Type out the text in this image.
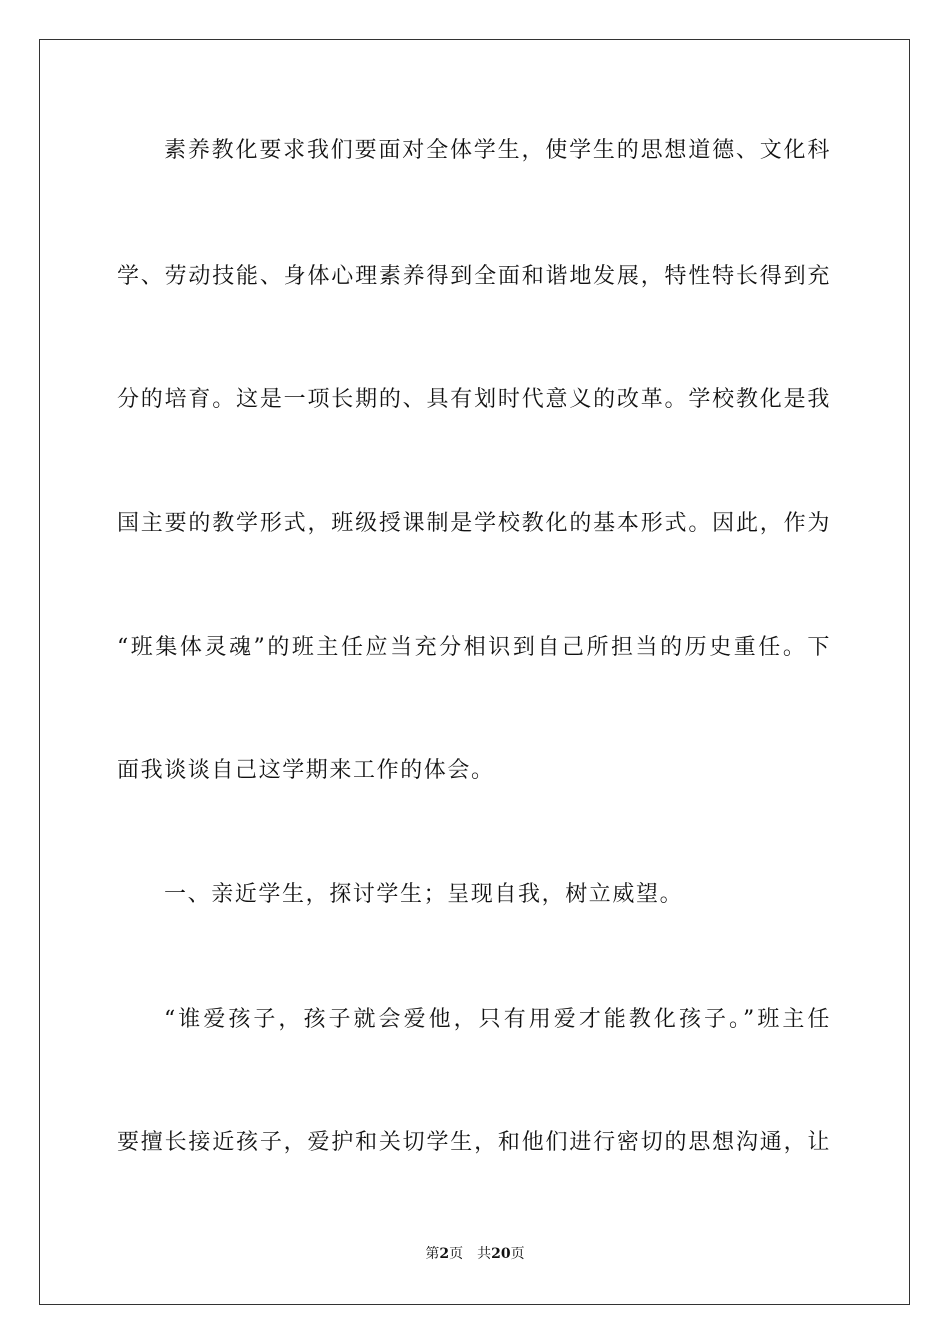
素养教化要求我们要面对全体学生，使学生的思想道德、文化科
学、劳动技能、身体心理素养得到全面和谐地发展，特性特长得到充
分的培育。这是一项长期的、具有划时代意义的改革。学校教化是我
国主要的教学形式，班级授课制是学校教化的基本形式。因此，作为
“班集体灵魂”的班主任应当充分相识到自己所担当的历史重任。下
面我谈谈自己这学期来工作的体会。
一、亲近学生，探讨学生；呈现自我，树立威望。
“谁爱孩子，孩子就会爱他，只有用爱才能教化孩子。”班主任
要擅长接近孩子，爱护和关切学生，和他们进行密切的思想沟通，让
第2页 共20页
